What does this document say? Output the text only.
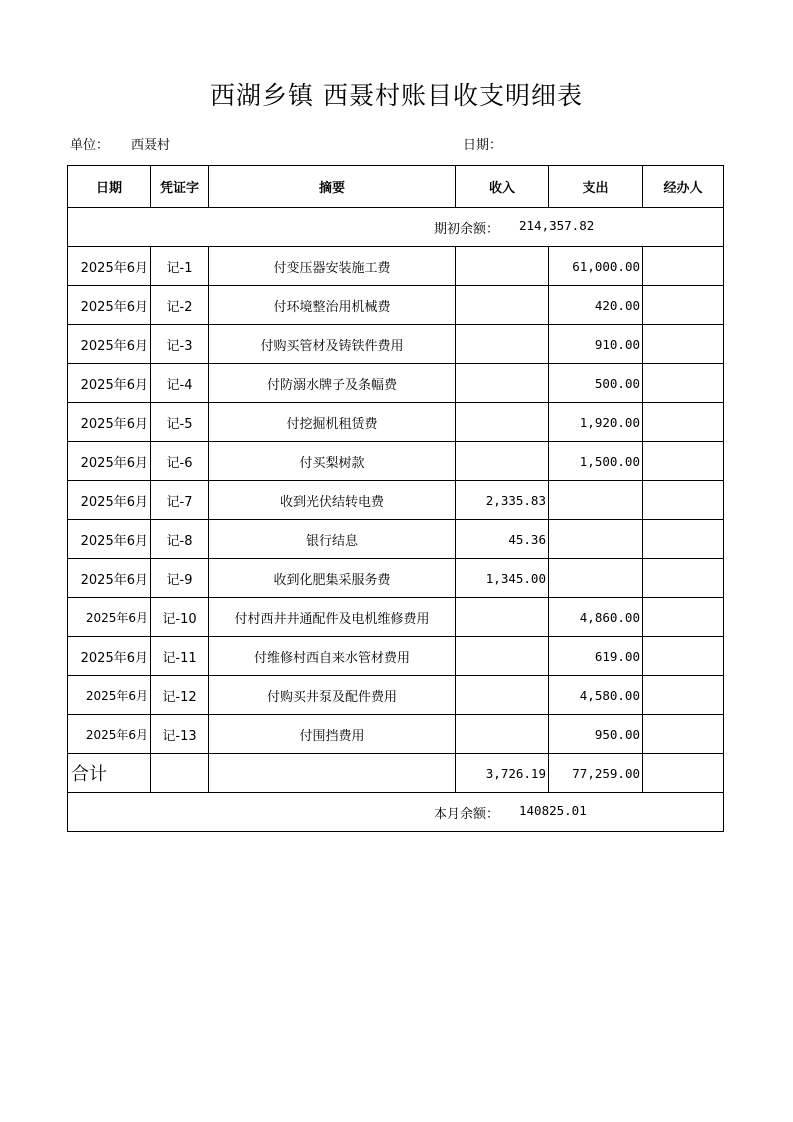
西湖乡镇 西聂村账目收支明细表
单位： 西聂村	日期：
日期	凭证字	摘要	收入	支出	经办人

期初余额： 214,357.82					

2025年6月	记-1	付变压器安装施工费		61,000.00	
2025年6月	记-2	付环境整治用机械费		420.00	
2025年6月	记-3	付购买管材及铸铁件费用		910.00	
2025年6月	记-4	付防溺水牌子及条幅费		500.00	
2025年6月	记-5	付挖掘机租赁费		1,920.00	
2025年6月	记-6	付买梨树款		1,500.00	
2025年6月	记-7	收到光伏结转电费	2,335.83		
2025年6月	记-8	银行结息	45.36		
2025年6月	记-9	收到化肥集采服务费	1,345.00		
2025年6月	记-10	付村西井井通配件及电机维修费用		4,860.00	
2025年6月	记-11	付维修村西自来水管材费用		619.00	
2025年6月	记-12	付购买井泵及配件费用		4,580.00	
2025年6月	记-13	付围挡费用		950.00	
合计			3,726.19	77,259.00	

本月余额： 140825.01					
